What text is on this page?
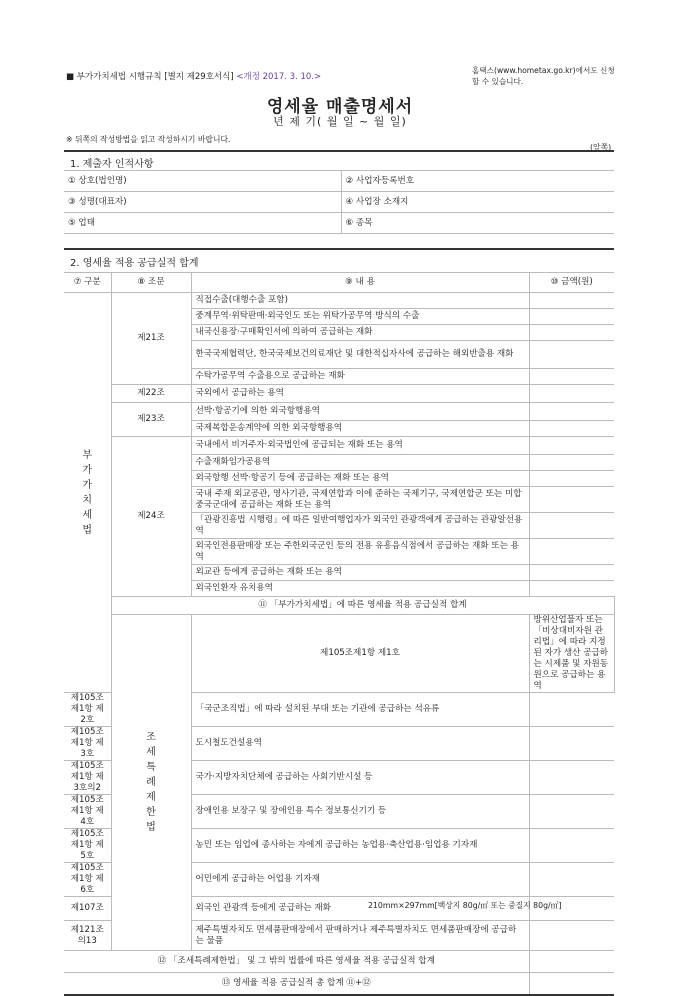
■ 부가가치세법 시행규칙 [별지 제29호서식] <개정 2017. 3. 10.>
홈택스(www.hometax.go.kr)에서도 신청할 수 있습니다.
영세율 매출명세서
년 제 기( 월 일 ~ 월 일)
※ 뒤쪽의 작성방법을 읽고 작성하시기 바랍니다.
(앞쪽)
1. 제출자 인적사항
① 상호(법인명)	② 사업자등록번호
③ 성명(대표자)	④ 사업장 소재지
⑤ 업태	⑥ 종목
2. 영세율 적용 공급실적 합계
⑦ 구분	⑧ 조문	⑨ 내 용	⑩ 금액(원)	

부 가 가 치 세 법	제21조	직접수출(대행수출 포함)		
		중계무역·위탁판매·외국인도 또는 위탁가공무역 방식의 수출		
		내국신용장·구매확인서에 의하여 공급하는 재화		
		한국국제협력단, 한국국제보건의료재단 및 대한적십자사에 공급하는 해외반출용 재화		
		수탁가공무역 수출용으로 공급하는 재화		
	제22조	국외에서 공급하는 용역		
	제23조	선박·항공기에 의한 외국항행용역		
		국제복합운송계약에 의한 외국항행용역		
	제24조	국내에서 비거주자·외국법인에 공급되는 재화 또는 용역		
		수출재화임가공용역		
		외국항행 선박·항공기 등에 공급하는 재화 또는 용역		
		국내 주재 외교공관, 영사기관, 국제연합과 이에 준하는 국제기구, 국제연합군 또는 미합중국군대에 공급하는 재화 또는 용역		
		「관광진흥법 시행령」에 따른 일반여행업자가 외국인 관광객에게 공급하는 관광알선용역		
		외국인전용판매장 또는 주한외국군인 등의 전용 유흥음식점에서 공급하는 재화 또는 용역		
		외교관 등에게 공급하는 재화 또는 용역		
		외국인환자 유치용역		
	⑪ 「부가가치세법」에 따른 영세율 적용 공급실적 합계			

	조 세 특 례 제 한 법	제105조제1항 제1호	방위산업물자 또는 「비상대비자원 관리법」에 따라 지정된 자가 생산 공급하는 시제품 및 자원동원으로 공급하는 용역	
제105조제1항 제2호		「국군조직법」에 따라 설치된 부대 또는 기관에 공급하는 석유류		
제105조제1항 제3호		도시철도건설용역		
제105조제1항 제3호의2		국가·지방자치단체에 공급하는 사회기반시설 등		
제105조제1항 제4호		장애인용 보장구 및 장애인용 특수 정보통신기기 등		
제105조제1항 제5호		농민 또는 임업에 종사하는 자에게 공급하는 농업용·축산업용·임업용 기자재		
제105조제1항 제6호		어민에게 공급하는 어업용 기자재		
제107조		외국인 관광객 등에게 공급하는 재화		
제121조의13		제주특별자치도 면세품판매장에서 판매하거나 제주특별자치도 면세품판매장에 공급하는 물품		
⑫ 「조세특례제한법」 및 그 밖의 법률에 따른 영세율 적용 공급실적 합계				
⑬ 영세율 적용 공급실적 총 합계 ⑪+⑫				
210mm×297mm[백상지 80g/㎡ 또는 중질지 80g/㎡]
